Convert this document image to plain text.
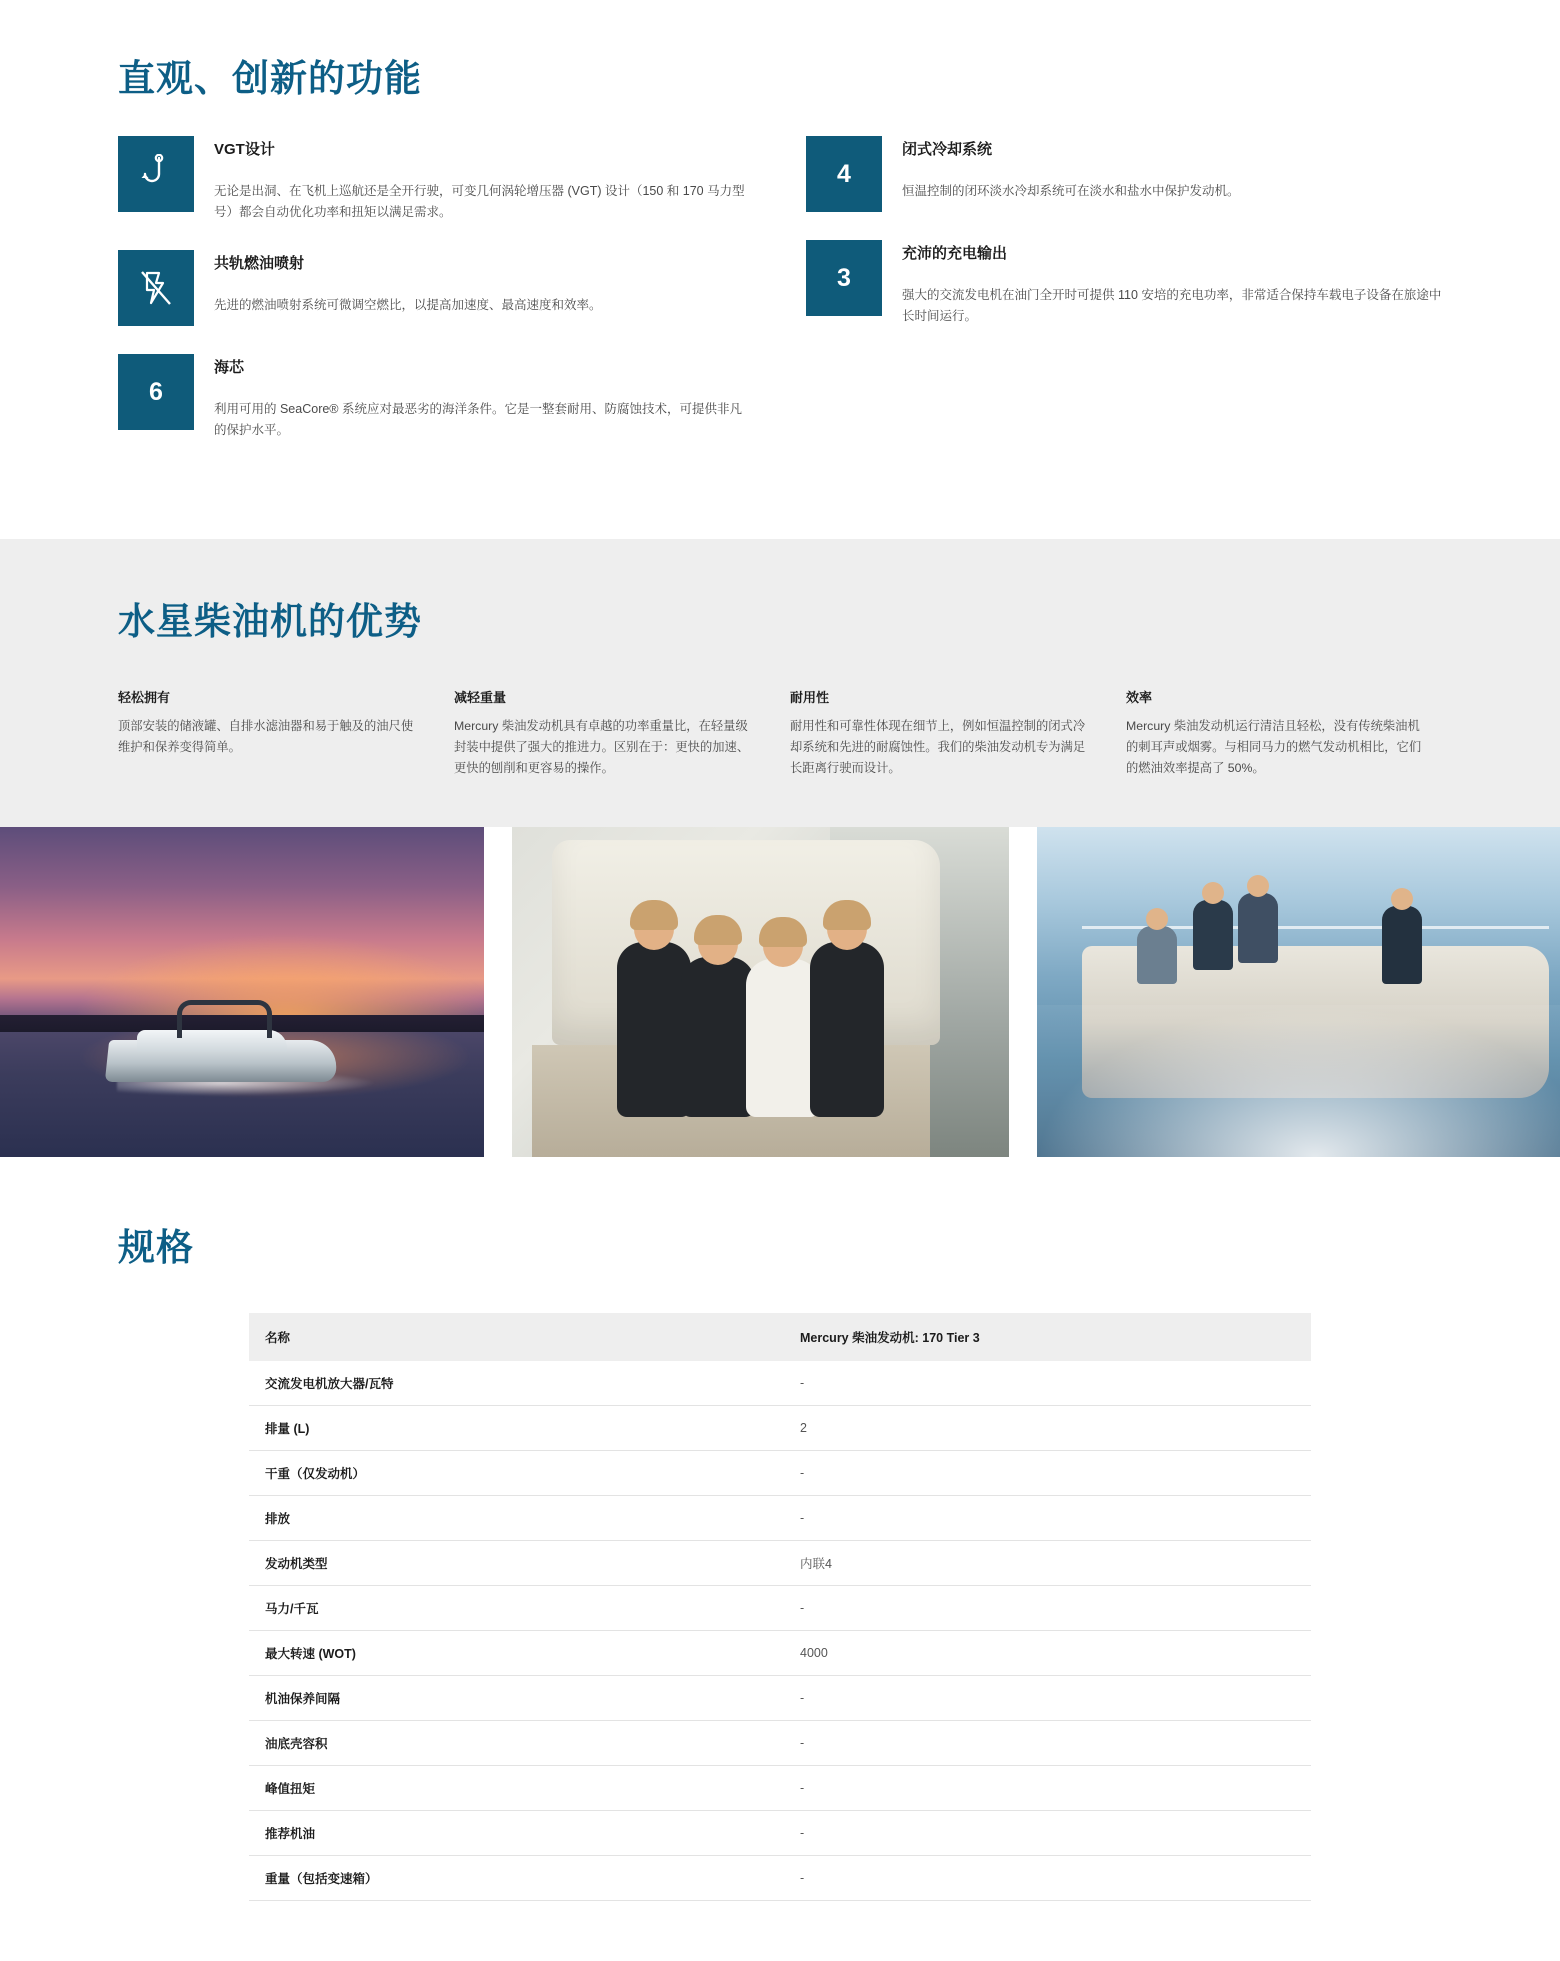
直观、创新的功能
VGT设计
无论是出洞、在飞机上巡航还是全开行驶，可变几何涡轮增压器 (VGT) 设计（150 和 170 马力型号）都会自动优化功率和扭矩以满足需求。
共轨燃油喷射
先进的燃油喷射系统可微调空燃比，以提高加速度、最高速度和效率。
6
海芯
利用可用的 SeaCore® 系统应对最恶劣的海洋条件。它是一整套耐用、防腐蚀技术，可提供非凡的保护水平。
4
闭式冷却系统
恒温控制的闭环淡水冷却系统可在淡水和盐水中保护发动机。
3
充沛的充电输出
强大的交流发电机在油门全开时可提供 110 安培的充电功率，非常适合保持车载电子设备在旅途中长时间运行。
水星柴油机的优势
轻松拥有
顶部安装的储液罐、自排水滤油器和易于触及的油尺使维护和保养变得简单。
减轻重量
Mercury 柴油发动机具有卓越的功率重量比，在轻量级封装中提供了强大的推进力。区别在于：更快的加速、更快的刨削和更容易的操作。
耐用性
耐用性和可靠性体现在细节上，例如恒温控制的闭式冷却系统和先进的耐腐蚀性。我们的柴油发动机专为满足长距离行驶而设计。
效率
Mercury 柴油发动机运行清洁且轻松，没有传统柴油机的刺耳声或烟雾。与相同马力的燃气发动机相比，它们的燃油效率提高了 50%。
规格
名称	Mercury 柴油发动机: 170 Tier 3
交流发电机放大器/瓦特	-
排量 (L)	2
干重（仅发动机）	-
排放	-
发动机类型	内联4
马力/千瓦	-
最大转速 (WOT)	4000
机油保养间隔	-
油底壳容积	-
峰值扭矩	-
推荐机油	-
重量（包括变速箱）	-
